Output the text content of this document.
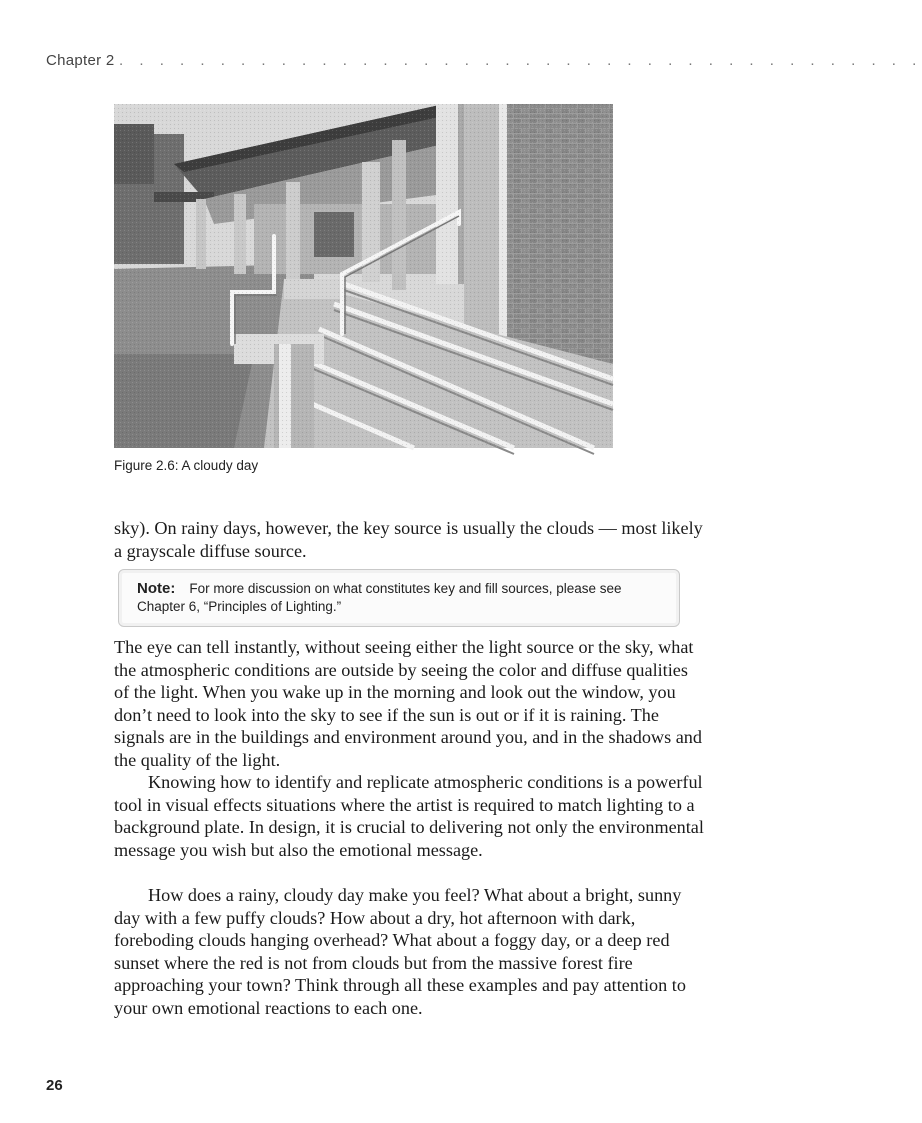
Chapter 2 . . . . . . . . . . . . . . . . . . . . . . . . . . . . . . . . . . . . . . . .
Figure 2.6: A cloudy day

sky). On rainy days, however, the key source is usually the clouds — most likely a grayscale diffuse source.

Note: For more discussion on what constitutes key and fill sources, please see Chapter 6, “Principles of Lighting.”

The eye can tell instantly, without seeing either the light source or the sky, what the atmospheric conditions are outside by seeing the color and diffuse qualities of the light. When you wake up in the morning and look out the window, you don’t need to look into the sky to see if the sun is out or if it is raining. The signals are in the buildings and environment around you, and in the shadows and the quality of the light.

Knowing how to identify and replicate atmospheric conditions is a powerful tool in visual effects situations where the artist is required to match lighting to a background plate. In design, it is crucial to delivering not only the environmental message you wish but also the emotional message.

How does a rainy, cloudy day make you feel? What about a bright, sunny day with a few puffy clouds? How about a dry, hot afternoon with dark, foreboding clouds hanging overhead? What about a foggy day, or a deep red sunset where the red is not from clouds but from the massive forest fire approaching your town? Think through all these examples and pay attention to your own emotional reactions to each one.

26
